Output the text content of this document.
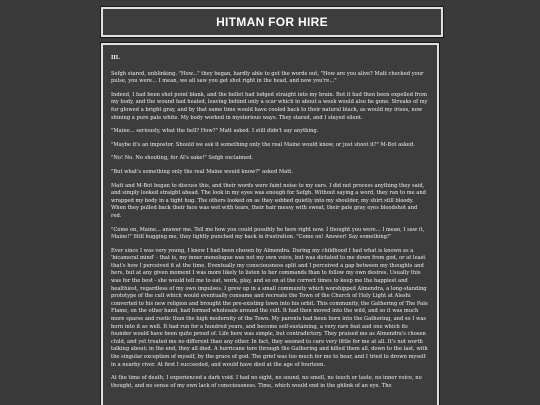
HITMAN FOR HIRE

III.

Sefgh stared, unblinking. "How..." they began, hardly able to get the words out, "How are you alive? Matt checked your pulse, you were... I mean, we all saw you get shot right in the head, and now you're..."

Indeed, I had been shot point blank, and the bullet had lodged straight into my brain. But it had then been expelled from my body, and the wound had healed, leaving behind only a scar which in about a week would also be gone. Streaks of my fur glowed a bright gray, and by that same time would have cooled back to their natural black, as would my irises, now shining a pure pale white. My body worked in mysterious ways. They stared, and I stayed silent.

"Maine... seriously, what the hell? How?" Matt asked. I still didn't say anything.

"Maybe it's an impostor. Should we ask it something only the real Maine would know, or just shoot it?" M-Bot asked.

"No! No. No shooting, for Al's sake!" Sefgh exclaimed.

"But what's something only the real Maine would know?" asked Matt.

Matt and M-Bot began to discuss this, and their words were faint noise to my ears. I did not process anything they said, and simply looked straight ahead. The look in my eyes was enough for Sefgh. Without saying a word, they ran to me and wrapped my body in a tight hug. The others looked on as they sobbed quietly into my shoulder, my shirt still bloody. When they pulled back their face was wet with tears, their hair messy with sweat, their pale gray eyes bloodshot and red.

"Come on, Maine... answer me. Tell me how you could possibly be here right now. I thought you were... I mean, I saw it, Maine!" Still hugging me, they lightly punched my back in frustration. "Come on! Answer! Say something!"

Ever since I was very young, I knew I had been chosen by Almendra. During my childhood I had what is known as a 'bicameral mind' - that is, my inner monologue was not my own voice, but was dictated to me down from god, or at least that's how I perceived it at the time. Eventually my consciousness split and I perceived a gap between my thoughts and hers, but at any given moment I was more likely to listen to her commands than to follow my own desires. Usually this was for the best - she would tell me to eat, work, play, and so on at the correct times to keep me the happiest and healthiest, regardless of my own impulses. I grew up in a small community which worshipped Almendra, a long-standing prototype of the cult which would eventually consume and recreate the Town of the Church of Holy Light at Aleshi converted to his new religion and brought the pre-existing town into his orbit. This community, the Gathering of The Pale Flame, on the other hand, had formed wholesale around the cult. It had then moved into the wild, and so it was much more sparse and rustic than the high modernity of the Town. My parents had been born into the Gathering, and so I was born into it as well. It had run for a hundred years, and become self-sustaining, a very rare feat and one which its founder would have been quite proud of. Life here was simple, but contradictory. They praised me as Almendra's chosen child, and yet treated me no different than any other. In fact, they seemed to care very little for me at all. It's not worth talking about; in the end, they all died. A hurricane tore through the Gathering and killed them all, down to the last, with the singular exception of myself, by the grace of god. The grief was too much for me to bear, and I tried to drown myself in a nearby river. At first I succeeded, and would have died at the age of fourteen.

At the time of death, I experienced a dark void. I had no sight, no sound, no smell, no touch or taste, no inner voice, no thought, and no sense of my own lack of consciousness. Time, which would end in the ghlink of an eye. The
